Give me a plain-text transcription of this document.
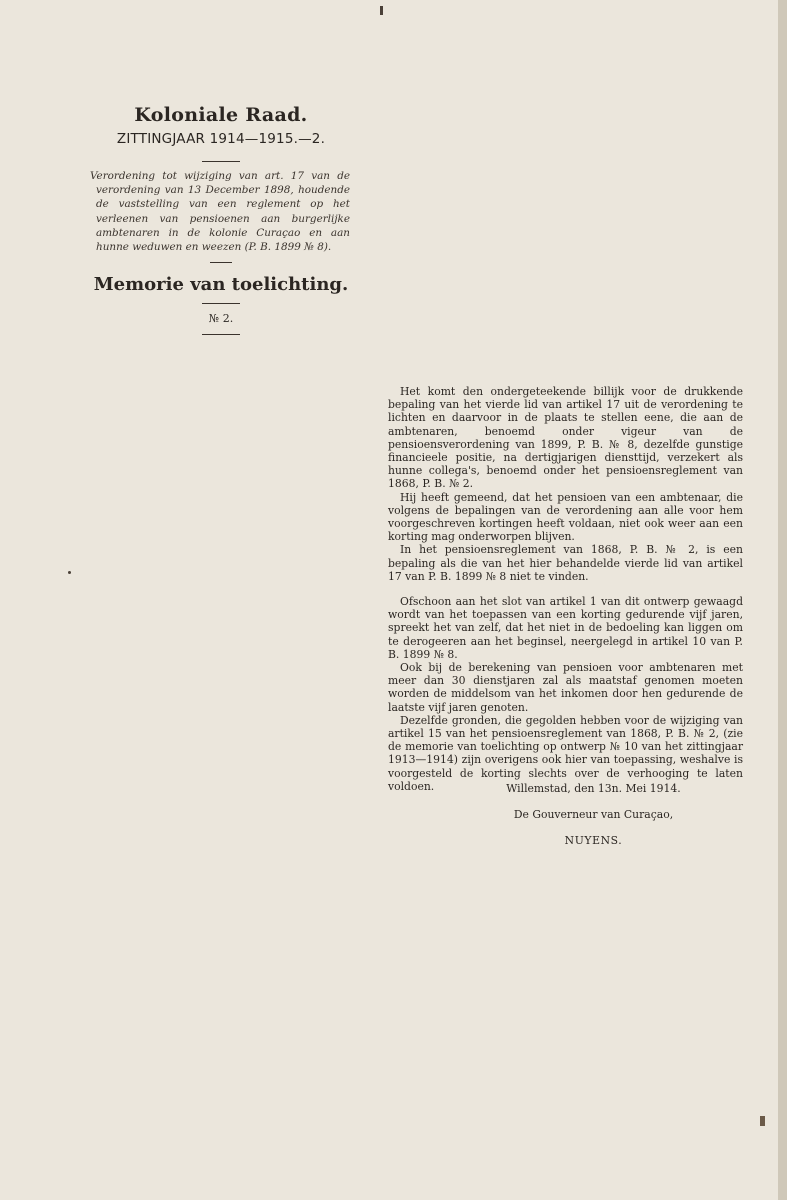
Koloniale Raad.
ZITTINGJAAR 1914—1915.—2.
Verordening tot wijziging van art. 17 van de verordening van 13 December 1898, houdende de vaststelling van een reglement op het verleenen van pensioenen aan burgerlijke ambtenaren in de kolonie Curaçao en aan hunne weduwen en weezen (P. B. 1899 № 8).
Memorie van toelichting.
№ 2.

Het komt den ondergeteekende billijk voor de drukkende bepaling van het vierde lid van artikel 17 uit de verordening te lichten en daarvoor in de plaats te stellen eene, die aan de ambtenaren, benoemd onder vigeur van de pensioensverordening van 1899, P. B. № 8, dezelfde gunstige financieele positie, na dertigjarigen diensttijd, verzekert als hunne collega's, benoemd onder het pensioensreglement van 1868, P. B. № 2.

Hij heeft gemeend, dat het pensioen van een ambtenaar, die volgens de bepalingen van de verordening aan alle voor hem voorgeschreven kortingen heeft voldaan, niet ook weer aan een korting mag onderworpen blijven.

In het pensioensreglement van 1868, P. B. № 2, is een bepaling als die van het hier behandelde vierde lid van artikel 17 van P. B. 1899 № 8 niet te vinden.

Ofschoon aan het slot van artikel 1 van dit ontwerp gewaagd wordt van het toepassen van een korting gedurende vijf jaren, spreekt het van zelf, dat het niet in de bedoeling kan liggen om te derogeeren aan het beginsel, neergelegd in artikel 10 van P. B. 1899 № 8.

Ook bij de berekening van pensioen voor ambtenaren met meer dan 30 dienstjaren zal als maatstaf genomen moeten worden de middelsom van het inkomen door hen gedurende de laatste vijf jaren genoten.

Dezelfde gronden, die gegolden hebben voor de wijziging van artikel 15 van het pensioensreglement van 1868, P. B. № 2, (zie de memorie van toelichting op ontwerp № 10 van het zittingjaar 1913—1914) zijn overigens ook hier van toepassing, weshalve is voorgesteld de korting slechts over de verhooging te laten voldoen.	Willemstad, den 13n. Mei 1914.
De Gouverneur van Curaçao,
NUYENS.
